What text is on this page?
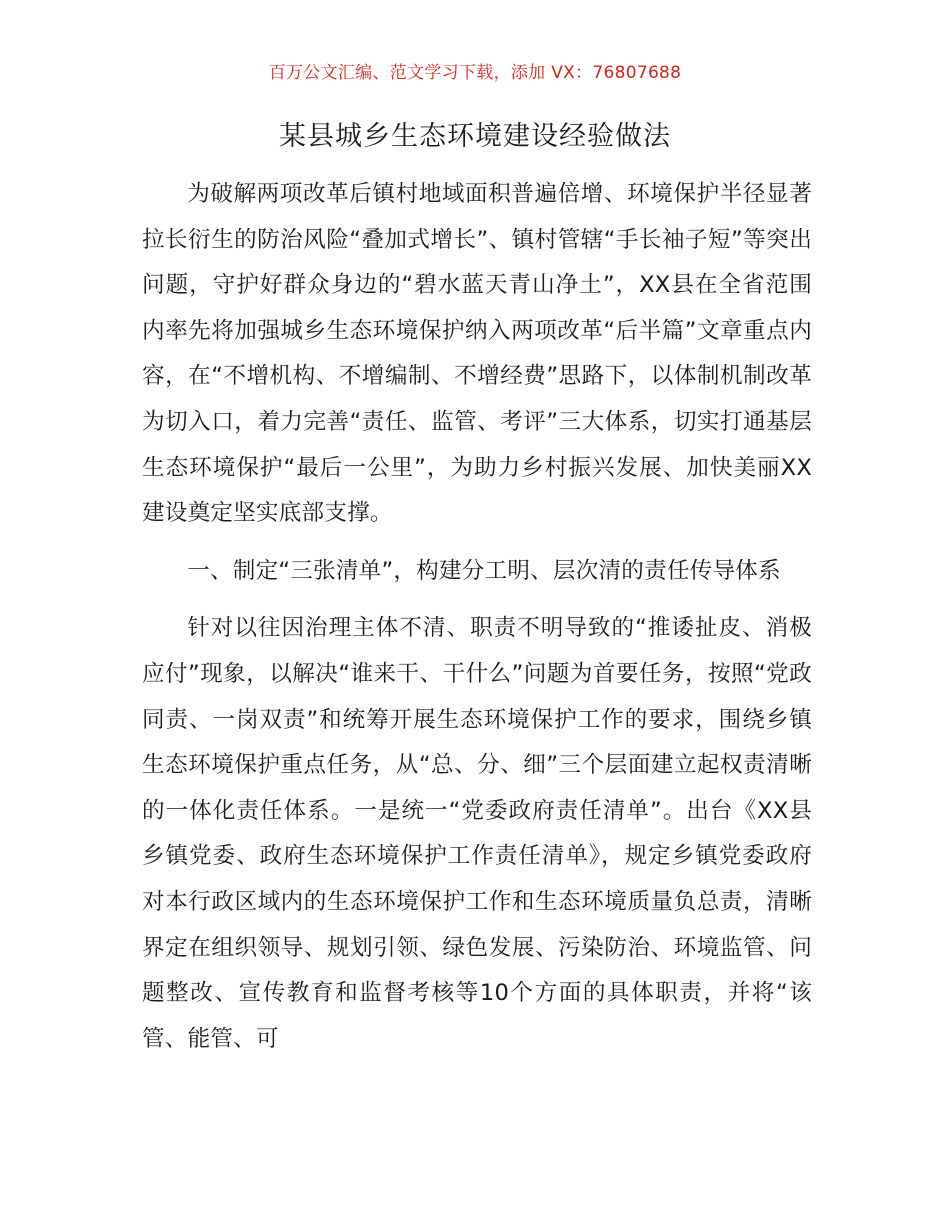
百万公文汇编、范文学习下载，添加 VX：76807688
某县城乡生态环境建设经验做法

为破解两项改革后镇村地域面积普遍倍增、环境保护半径显著拉长衍生的防治风险“叠加式增长”、镇村管辖“手长袖子短”等突出问题，守护好群众身边的“碧水蓝天青山净土”，XX县在全省范围内率先将加强城乡生态环境保护纳入两项改革“后半篇”文章重点内容，在“不增机构、不增编制、不增经费”思路下，以体制机制改革为切入口，着力完善“责任、监管、考评”三大体系，切实打通基层生态环境保护“最后一公里”，为助力乡村振兴发展、加快美丽XX建设奠定坚实底部支撑。

一、制定“三张清单”，构建分工明、层次清的责任传导体系

针对以往因治理主体不清、职责不明导致的“推诿扯皮、消极应付”现象，以解决“谁来干、干什么”问题为首要任务，按照“党政同责、一岗双责”和统筹开展生态环境保护工作的要求，围绕乡镇生态环境保护重点任务，从“总、分、细”三个层面建立起权责清晰的一体化责任体系。一是统一“党委政府责任清单”。出台《XX县乡镇党委、政府生态环境保护工作责任清单》，规定乡镇党委政府对本行政区域内的生态环境保护工作和生态环境质量负总责，清晰界定在组织领导、规划引领、绿色发展、污染防治、环境监管、问题整改、宣传教育和监督考核等10个方面的具体职责，并将“该管、能管、可
